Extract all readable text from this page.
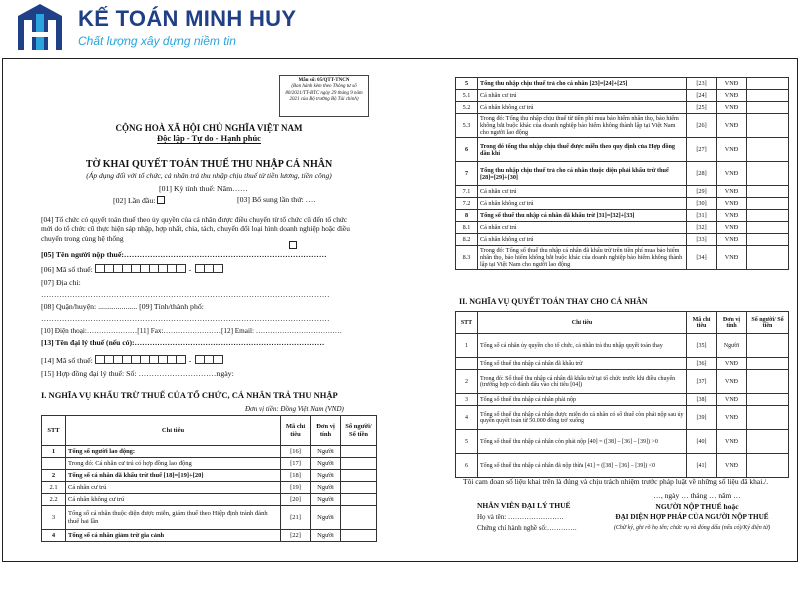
KẾ TOÁN MINH HUY
Chất lượng xây dựng niềm tin
Mẫu số: 05/QTT-TNCN
(Ban hành kèm theo Thông tư số 80/2021/TT-BTC ngày 29 tháng 9 năm 2021 của Bộ trưởng Bộ Tài chính)
CỘNG HOÀ XÃ HỘI CHỦ NGHĨA VIỆT NAM
Độc lập - Tự do - Hạnh phúc
TỜ KHAI QUYẾT TOÁN THUẾ THU NHẬP CÁ NHÂN
(Áp dụng đối với tổ chức, cá nhân trả thu nhập chịu thuế từ tiền lương, tiền công)
[01] Kỳ tính thuế: Năm……
[02] Lần đầu:	[03] Bổ sung lần thứ: ….
[04] Tổ chức có quyết toán thuế theo ủy quyền của cá nhân được điều chuyển từ tổ chức cũ đến tổ chức mới do tổ chức cũ thực hiện sáp nhập, hợp nhất, chia, tách, chuyển đổi loại hình doanh nghiệp hoặc điều chuyển trong cùng hệ thống
[05] Tên người nộp thuế:……………………………………………………………………
[06] Mã số thuế:	-
[07] Địa chỉ:
…………………………………………………………………………………………………
[08] Quận/huyện: .................... [09] Tỉnh/thành phố:
…………………………………………………………………………………………………
[10] Điện thoại:…………………[11] Fax:……………………[12] Email: ………………………………
[13] Tên đại lý thuế (nếu có):…………………………………………………………………
[14] Mã số thuế:	-
[15] Hợp đồng đại lý thuế: Số: …………………………ngày:
I. NGHĨA VỤ KHẤU TRỪ THUẾ CỦA TỔ CHỨC, CÁ NHÂN TRẢ THU NHẬP
Đơn vị tiền: Đồng Việt Nam (VND)
STT	Chỉ tiêu	Mã chỉ tiêu	Đơn vị tính	Số người/ Số tiền
1	Tổng số người lao động:	[16]	Người	
	Trong đó: Cá nhân cư trú có hợp đồng lao động	[17]	Người	
2	Tổng số cá nhân đã khấu trừ thuế [18]=[19]+[20]	[18]	Người	
2.1	Cá nhân cư trú	[19]	Người	
2.2	Cá nhân không cư trú	[20]	Người	
3	Tổng số cá nhân thuộc diện được miễn, giảm thuế theo Hiệp định tránh đánh thuế hai lần	[21]	Người	
4	Tổng số cá nhân giảm trừ gia cảnh	[22]	Người	
5	Tổng thu nhập chịu thuế trả cho cá nhân [23]=[24]+[25]	[23]	VNĐ	
5.1	Cá nhân cư trú	[24]	VNĐ	
5.2	Cá nhân không cư trú	[25]	VNĐ	
5.3	Trong đó: Tổng thu nhập chịu thuế từ tiền phí mua bảo hiểm nhân thọ, bảo hiểm không bắt buộc khác của doanh nghiệp bảo hiểm không thành lập tại Việt Nam cho người lao động	[26]	VNĐ	
6	Trong đó tổng thu nhập chịu thuế được miễn theo quy định của Hợp đồng dầu khí	[27]	VNĐ	
7	Tổng thu nhập chịu thuế trả cho cá nhân thuộc diện phải khấu trừ thuế [28]=[29]+[30]	[28]	VNĐ	
7.1	Cá nhân cư trú	[29]	VNĐ	
7.2	Cá nhân không cư trú	[30]	VNĐ	
8	Tổng số thuế thu nhập cá nhân đã khấu trừ [31]=[32]+[33]	[31]	VNĐ	
8.1	Cá nhân cư trú	[32]	VNĐ	
8.2	Cá nhân không cư trú	[33]	VNĐ	
8.3	Trong đó: Tổng số thuế thu nhập cá nhân đã khấu trừ trên tiền phí mua bảo hiểm nhân thọ, bảo hiểm không bắt buộc khác của doanh nghiệp bảo hiểm không thành lập tại Việt Nam cho người lao động	[34]	VNĐ	
II. NGHĨA VỤ QUYẾT TOÁN THAY CHO CÁ NHÂN
STT	Chỉ tiêu	Mã chỉ tiêu	Đơn vị tính	Số người/ Số tiền
1	Tổng số cá nhân ủy quyền cho tổ chức, cá nhân trả thu nhập quyết toán thay	[35]	Người	
	Tổng số thuế thu nhập cá nhân đã khấu trừ	[36]	VNĐ	
2	Trong đó: Số thuế thu nhập cá nhân đã khấu trừ tại tổ chức trước khi điều chuyển (trường hợp có đánh dấu vào chỉ tiêu [04])	[37]	VNĐ	
3	Tổng số thuế thu nhập cá nhân phải nộp	[38]	VNĐ	
4	Tổng số thuế thu nhập cá nhân được miễn do cá nhân có số thuế còn phải nộp sau ủy quyền quyết toán từ 50.000 đồng trở xuống	[39]	VNĐ	
5	Tổng số thuế thu nhập cá nhân còn phải nộp [40] = ([38] – [36] – [39]) >0	[40]	VNĐ	
6	Tổng số thuế thu nhập cá nhân đã nộp thừa [41] = ([38] – [36] – [39]) <0	[41]	VNĐ	
Tôi cam đoan số liệu khai trên là đúng và chịu trách nhiệm trước pháp luật về những số liệu đã khai./.
NHÂN VIÊN ĐẠI LÝ THUẾ
Họ và tên: ……………………
Chứng chỉ hành nghề số:………….
…, ngày … tháng … năm …
NGƯỜI NỘP THUẾ hoặc
ĐẠI DIỆN HỢP PHÁP CỦA NGƯỜI NỘP THUẾ
(Chữ ký, ghi rõ họ tên; chức vụ và đóng dấu (nếu có)/Ký điện tử)
